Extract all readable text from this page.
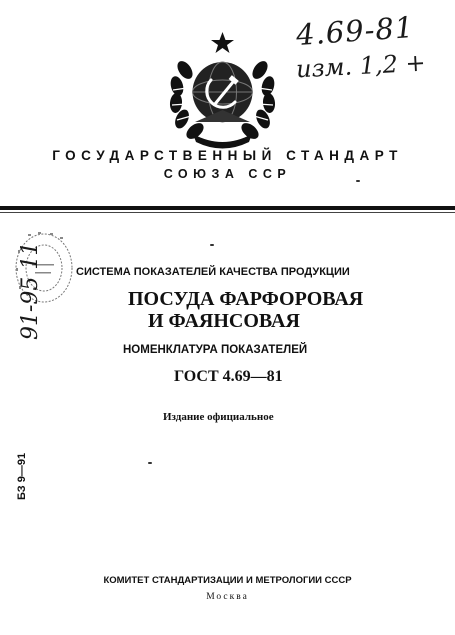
4.69-81
изм. 1,2 +
ГОСУДАРСТВЕННЫЙ СТАНДАРТ
СОЮЗА ССР
91-95 11	СИСТЕМА ПОКАЗАТЕЛЕЙ КАЧЕСТВА ПРОДУКЦИИ
ПОСУДА ФАРФОРОВАЯ
И ФАЯНСОВАЯ
НОМЕНКЛАТУРА ПОКАЗАТЕЛЕЙ
ГОСТ 4.69—81
Издание официальное
БЗ 9—91
КОМИТЕТ СТАНДАРТИЗАЦИИ И МЕТРОЛОГИИ СССР
Москва
